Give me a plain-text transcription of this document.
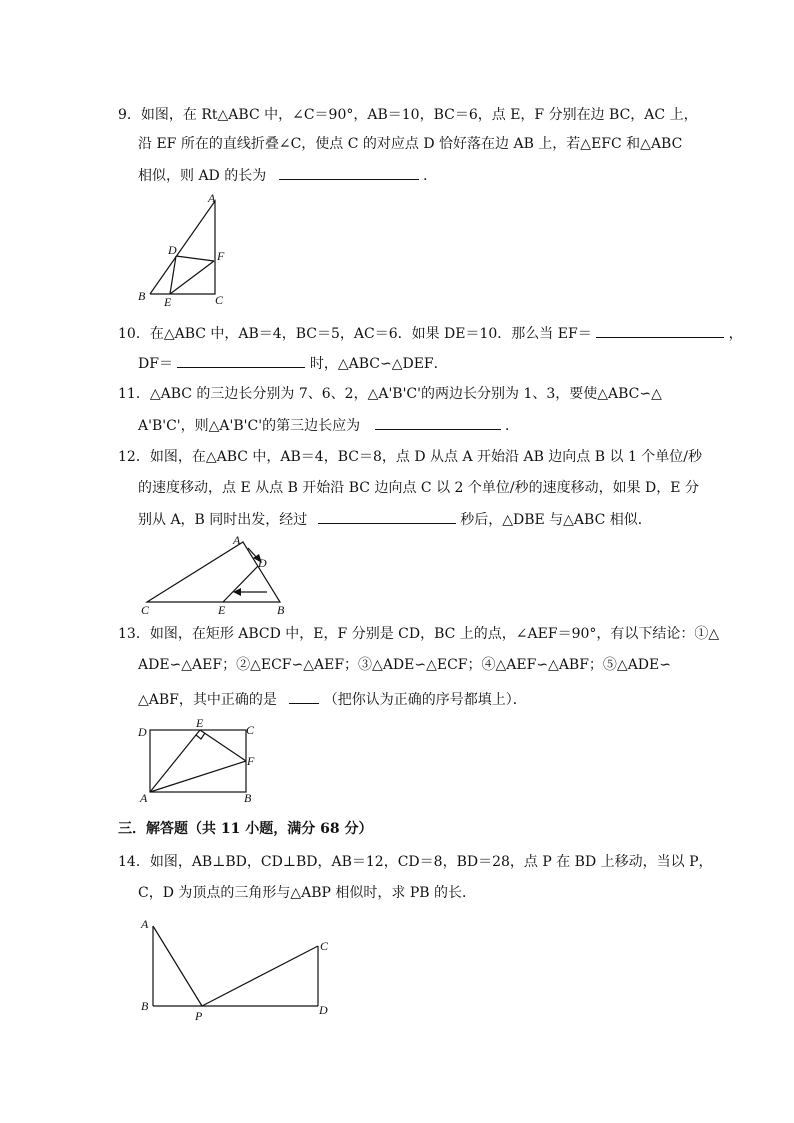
9．如图，在 Rt△ABC 中，∠C＝90°，AB＝10，BC＝6，点 E，F 分别在边 BC，AC 上，
沿 EF 所在的直线折叠∠C，使点 C 的对应点 D 恰好落在边 AB 上，若△EFC 和△ABC
相似，则 AD 的长为	．
A
D	F
B E	C
10．在△ABC 中，AB＝4，BC＝5，AC＝6．如果 DE＝10．那么当 EF＝	，
DF＝	时，△ABC∽△DEF．
11．△ABC 的三边长分别为 7、6、2，△A'B'C'的两边长分别为 1、3，要使△ABC∽△
A'B'C'，则△A'B'C'的第三边长应为	．
12．如图，在△ABC 中，AB＝4，BC＝8，点 D 从点 A 开始沿 AB 边向点 B 以 1 个单位/秒
的速度移动，点 E 从点 B 开始沿 BC 边向点 C 以 2 个单位/秒的速度移动，如果 D，E 分
别从 A，B 同时出发，经过	秒后，△DBE 与△ABC 相似．
A
D
C	E	B
13．如图，在矩形 ABCD 中，E，F 分别是 CD，BC 上的点，∠AEF＝90°，有以下结论：①△
ADE∽△AEF；②△ECF∽△AEF；③△ADE∽△ECF；④△AEF∽△ABF；⑤△ADE∽
△ABF，其中正确的是	（把你认为正确的序号都填上）．
E
D	C
F
A	B
三．解答题（共 11 小题，满分 68 分）
14．如图，AB⊥BD，CD⊥BD，AB＝12，CD＝8，BD＝28，点 P 在 BD 上移动，当以 P，
C，D 为顶点的三角形与△ABP 相似时，求 PB 的长．
A
C
B
P	D
